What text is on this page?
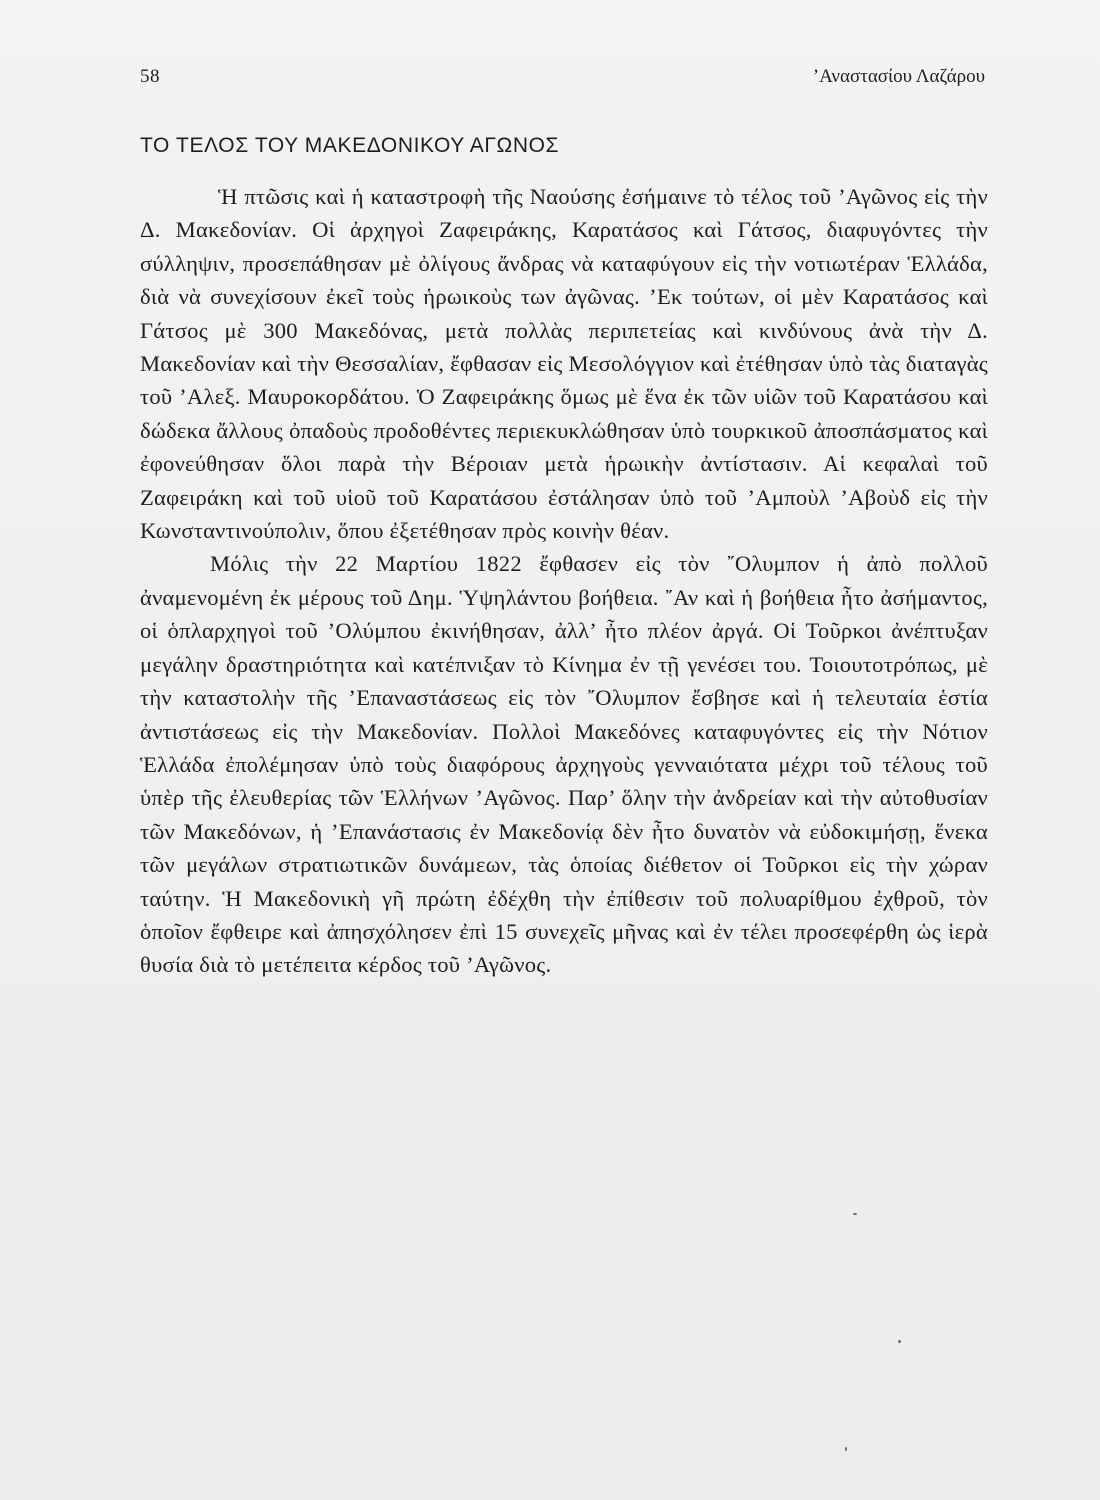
58	’Αναστασίου Λαζάρου
ΤΟ ΤΕΛΟΣ ΤΟΥ ΜΑΚΕΔΟΝΙΚΟΥ ΑΓΩΝΟΣ

Ἡ πτῶσις καὶ ἡ καταστροφὴ τῆς Ναούσης ἐσήμαινε τὸ τέλος τοῦ ’Αγῶνος εἰς τὴν Δ. Μακεδονίαν. Οἱ ἀρχηγοὶ Ζαφειράκης, Καρατάσος καὶ Γάτσος, διαφυγόντες τὴν σύλληψιν, προσεπάθησαν μὲ ὀλίγους ἄνδρας νὰ καταφύγουν εἰς τὴν νοτιωτέραν Ἑλλάδα, διὰ νὰ συνεχίσουν ἐκεῖ τοὺς ἡρωικοὺς των ἀγῶνας. ’Εκ τούτων, οἱ μὲν Καρατάσος καὶ Γάτσος μὲ 300 Μακεδόνας, μετὰ πολλὰς περιπετείας καὶ κινδύνους ἀνὰ τὴν Δ. Μακεδονίαν καὶ τὴν Θεσσαλίαν, ἔφθασαν εἰς Μεσολόγγιον καὶ ἐτέθησαν ὑπὸ τὰς διαταγὰς τοῦ ’Αλεξ. Μαυροκορδάτου. Ὁ Ζαφειράκης ὅμως μὲ ἕνα ἐκ τῶν υἱῶν τοῦ Καρατάσου καὶ δώδεκα ἄλλους ὀπαδοὺς προδοθέντες περιεκυκλώθησαν ὑπὸ τουρκικοῦ ἀποσπάσματος καὶ ἐφονεύθησαν ὅλοι παρὰ τὴν Βέροιαν μετὰ ἡρωικὴν ἀντίστασιν. Αἱ κεφαλαὶ τοῦ Ζαφειράκη καὶ τοῦ υἱοῦ τοῦ Καρατάσου ἐστάλησαν ὑπὸ τοῦ ’Αμποὺλ ’Αβοὺδ εἰς τὴν Κωνσταντινούπολιν, ὅπου ἐξετέθησαν πρὸς κοινὴν θέαν.

Μόλις τὴν 22 Μαρτίου 1822 ἔφθασεν εἰς τὸν ῎Ολυμπον ἡ ἀπὸ πολλοῦ ἀναμενομένη ἐκ μέρους τοῦ Δημ. Ὑψηλάντου βοήθεια. ῎Αν καὶ ἡ βοήθεια ἦτο ἀσήμαντος, οἱ ὁπλαρχηγοὶ τοῦ ’Ολύμπου ἐκινήθησαν, ἀλλ’ ἦτο πλέον ἀργά. Οἱ Τοῦρκοι ἀνέπτυξαν μεγάλην δραστηριότητα καὶ κατέπνιξαν τὸ Κίνημα ἐν τῇ γενέσει του. Τοιουτοτρόπως, μὲ τὴν καταστολὴν τῆς ’Επαναστάσεως εἰς τὸν ῎Ολυμπον ἔσβησε καὶ ἡ τελευταία ἑστία ἀντιστάσεως εἰς τὴν Μακεδονίαν. Πολλοὶ Μακεδόνες καταφυγόντες εἰς τὴν Νότιον Ἑλλάδα ἐπολέμησαν ὑπὸ τοὺς διαφόρους ἀρχηγοὺς γενναιότατα μέχρι τοῦ τέλους τοῦ ὑπὲρ τῆς ἐλευθερίας τῶν Ἑλλήνων ’Αγῶνος. Παρ’ ὅλην τὴν ἀνδρείαν καὶ τὴν αὐτοθυσίαν τῶν Μακεδόνων, ἡ ’Επανάστασις ἐν Μακεδονίᾳ δὲν ἦτο δυνατὸν νὰ εὐδοκιμήσῃ, ἕνεκα τῶν μεγάλων στρατιωτικῶν δυνάμεων, τὰς ὁποίας διέθετον οἱ Τοῦρκοι εἰς τὴν χώραν ταύτην. Ἡ Μακεδονικὴ γῆ πρώτη ἐδέχθη τὴν ἐπίθεσιν τοῦ πολυαρίθμου ἐχθροῦ, τὸν ὁποῖον ἔφθειρε καὶ ἀπησχόλησεν ἐπὶ 15 συνεχεῖς μῆνας καὶ ἐν τέλει προσεφέρθη ὡς ἱερὰ θυσία διὰ τὸ μετέπειτα κέρδος τοῦ ’Αγῶνος.
